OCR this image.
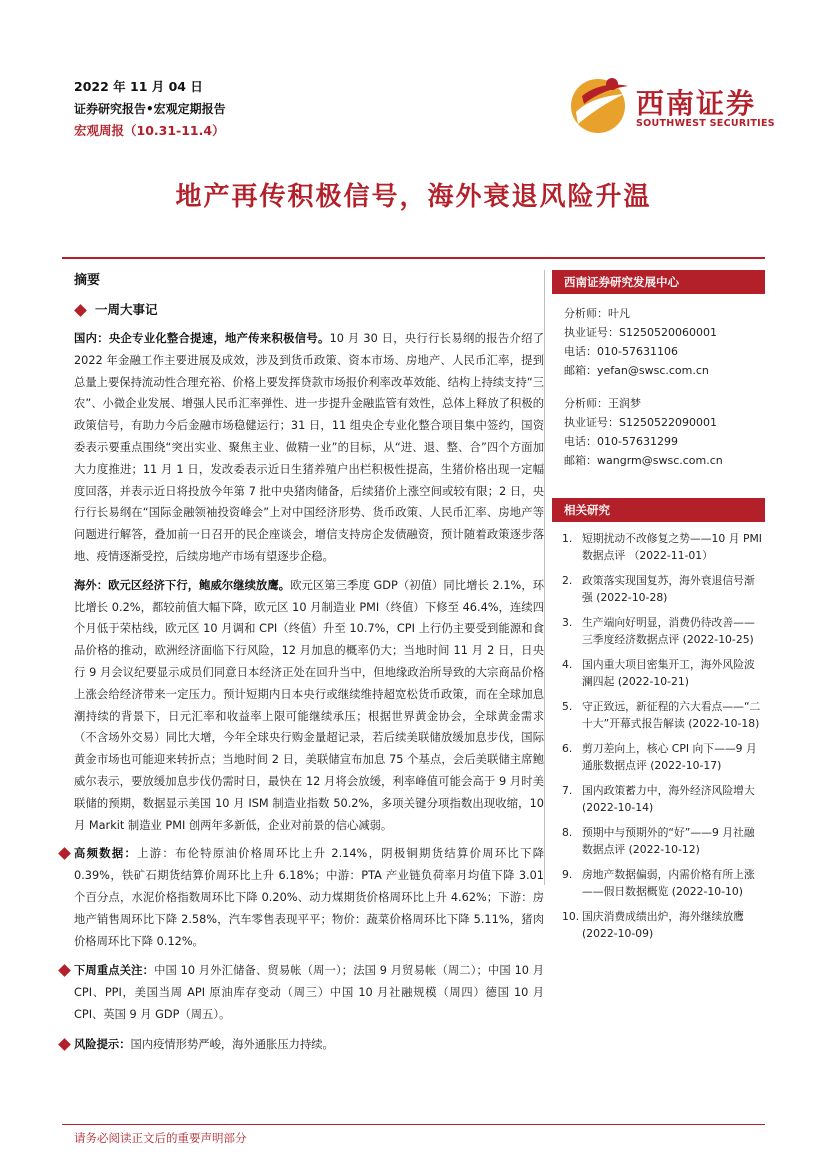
2022 年 11 月 04 日
证券研究报告•宏观定期报告
宏观周报（10.31-11.4）
西南证券
SOUTHWEST SECURITIES
地产再传积极信号，海外衰退风险升温
摘要
一周大事记

国内：央企专业化整合提速，地产传来积极信号。10 月 30 日，央行行长易纲的报告介绍了 2022 年金融工作主要进展及成效，涉及到货币政策、资本市场、房地产、人民币汇率，提到总量上要保持流动性合理充裕、价格上要发挥贷款市场报价利率改革效能、结构上持续支持“三农”、小微企业发展、增强人民币汇率弹性、进一步提升金融监管有效性，总体上释放了积极的政策信号，有助力今后金融市场稳健运行；31 日，11 组央企专业化整合项目集中签约，国资委表示要重点围绕“突出实业、聚焦主业、做精一业”的目标，从“进、退、整、合”四个方面加大力度推进；11 月 1 日，发改委表示近日生猪养殖户出栏积极性提高，生猪价格出现一定幅度回落，并表示近日将投放今年第 7 批中央猪肉储备，后续猪价上涨空间或较有限；2 日，央行行长易纲在“国际金融领袖投资峰会”上对中国经济形势、货币政策、人民币汇率、房地产等问题进行解答，叠加前一日召开的民企座谈会，增信支持房企发债融资，预计随着政策逐步落地、疫情逐渐受控，后续房地产市场有望逐步企稳。

海外：欧元区经济下行，鲍威尔继续放鹰。欧元区第三季度 GDP（初值）同比增长 2.1%，环比增长 0.2%，都较前值大幅下降，欧元区 10 月制造业 PMI（终值）下修至 46.4%，连续四个月低于荣枯线，欧元区 10 月调和 CPI（终值）升至 10.7%，CPI 上行仍主要受到能源和食品价格的推动，欧洲经济面临下行风险，12 月加息的概率仍大；当地时间 11 月 2 日，日央行 9 月会议纪要显示成员们同意日本经济正处在回升当中，但地缘政治所导致的大宗商品价格上涨会给经济带来一定压力。预计短期内日本央行或继续维持超宽松货币政策，而在全球加息潮持续的背景下，日元汇率和收益率上限可能继续承压；根据世界黄金协会，全球黄金需求（不含场外交易）同比大增，今年全球央行购金量超记录，若后续美联储放缓加息步伐，国际黄金市场也可能迎来转折点；当地时间 2 日，美联储宣布加息 75 个基点，会后美联储主席鲍威尔表示，要放缓加息步伐仍需时日，最快在 12 月将会放缓，利率峰值可能会高于 9 月时美联储的预期，数据显示美国 10 月 ISM 制造业指数 50.2%，多项关键分项指数出现收缩，10 月 Markit 制造业 PMI 创两年多新低，企业对前景的信心减弱。

高频数据：上游：布伦特原油价格周环比上升 2.14%，阴极铜期货结算价周环比下降 0.39%，铁矿石期货结算价周环比上升 6.18%；中游：PTA 产业链负荷率月均值下降 3.01 个百分点，水泥价格指数周环比下降 0.20%、动力煤期货价格周环比上升 4.62%；下游：房地产销售周环比下降 2.58%，汽车零售表现平平；物价：蔬菜价格周环比下降 5.11%，猪肉价格周环比下降 0.12%。

下周重点关注：中国 10 月外汇储备、贸易帐（周一）；法国 9 月贸易帐（周二）；中国 10 月 CPI、PPI，美国当周 API 原油库存变动（周三）中国 10 月社融规模（周四）德国 10 月 CPI、英国 9 月 GDP（周五）。

风险提示：国内疫情形势严峻，海外通胀压力持续。

西南证券研究发展中心
分析师：叶凡
执业证号：S1250520060001
电话：010-57631106
邮箱：yefan@swsc.com.cn
分析师：王润梦
执业证号：S1250522090001
电话：010-57631299
邮箱：wangrm@swsc.com.cn
相关研究
1. 短期扰动不改修复之势——10 月 PMI 数据点评 （2022-11-01）
2. 政策落实现国复苏，海外衰退信号渐强 (2022-10-28)
3. 生产端向好明显，消费仍待改善——三季度经济数据点评 (2022-10-25)
4. 国内重大项目密集开工，海外风险波澜四起 (2022-10-21)
5. 守正致远，新征程的六大看点——“二十大”开幕式报告解读 (2022-10-18)
6. 剪刀差向上，核心 CPI 向下——9 月通胀数据点评 (2022-10-17)
7. 国内政策蓄力中，海外经济风险增大 (2022-10-14)
8. 预期中与预期外的“好”——9 月社融数据点评 (2022-10-12)
9. 房地产数据偏弱，内需价格有所上涨——假日数据概览 (2022-10-10)
10. 国庆消费成绩出炉，海外继续放鹰 (2022-10-09)
请务必阅读正文后的重要声明部分
